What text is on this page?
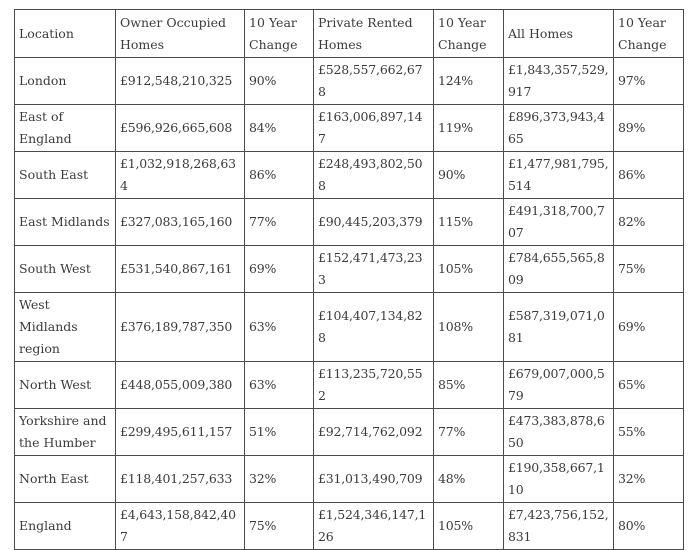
Location	Owner Occupied Homes	10 Year Change	Private Rented Homes	10 Year Change	All Homes	10 Year Change
London	£912,548,210,325	90%	£528,557,662,678	124%	£1,843,357,529,917	97%
East of England	£596,926,665,608	84%	£163,006,897,147	119%	£896,373,943,465	89%
South East	£1,032,918,268,634	86%	£248,493,802,508	90%	£1,477,981,795,514	86%
East Midlands	£327,083,165,160	77%	£90,445,203,379	115%	£491,318,700,707	82%
South West	£531,540,867,161	69%	£152,471,473,233	105%	£784,655,565,809	75%
West Midlands region	£376,189,787,350	63%	£104,407,134,828	108%	£587,319,071,081	69%
North West	£448,055,009,380	63%	£113,235,720,552	85%	£679,007,000,579	65%
Yorkshire and the Humber	£299,495,611,157	51%	£92,714,762,092	77%	£473,383,878,650	55%
North East	£118,401,257,633	32%	£31,013,490,709	48%	£190,358,667,110	32%
England	£4,643,158,842,407	75%	£1,524,346,147,126	105%	£7,423,756,152,831	80%
